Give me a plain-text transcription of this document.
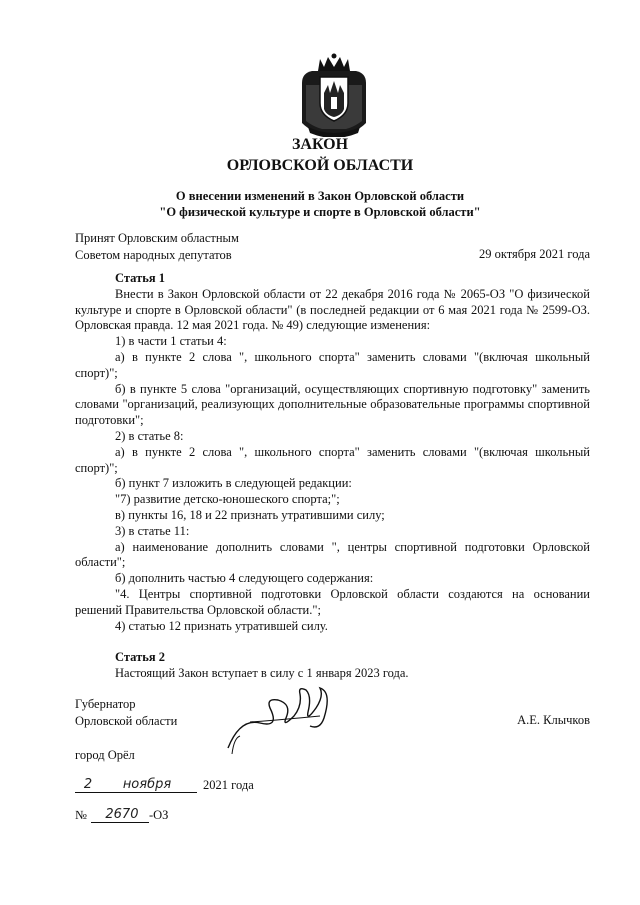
ЗАКОН
ОРЛОВСКОЙ ОБЛАСТИ
О внесении изменений в Закон Орловской области
"О физической культуре и спорте в Орловской области"
Принят Орловским областным
Советом народных депутатов	29 октября 2021 года
Статья 1

Внести в Закон Орловской области от 22 декабря 2016 года № 2065-ОЗ "О физической культуре и спорте в Орловской области" (в последней редакции от 6 мая 2021 года № 2599-ОЗ. Орловская правда. 12 мая 2021 года. № 49) следующие изменения:

1) в части 1 статьи 4:

а) в пункте 2 слова ", школьного спорта" заменить словами "(включая школьный спорт)";

б) в пункте 5 слова "организаций, осуществляющих спортивную подготовку" заменить словами "организаций, реализующих дополнительные образовательные программы спортивной подготовки";

2) в статье 8:

а) в пункте 2 слова ", школьного спорта" заменить словами "(включая школьный спорт)";

б) пункт 7 изложить в следующей редакции:

"7) развитие детско-юношеского спорта;";

в) пункты 16, 18 и 22 признать утратившими силу;

3) в статье 11:

а) наименование дополнить словами ", центры спортивной подготовки Орловской области";

б) дополнить частью 4 следующего содержания:

"4. Центры спортивной подготовки Орловской области создаются на основании решений Правительства Орловской области.";

4) статью 12 признать утратившей силу.

Статья 2

Настоящий Закон вступает в силу с 1 января 2023 года.

Губернатор
Орловской области	А.Е. Клычков
город Орёл
2	ноября	2021 года
№ 2670 -ОЗ
